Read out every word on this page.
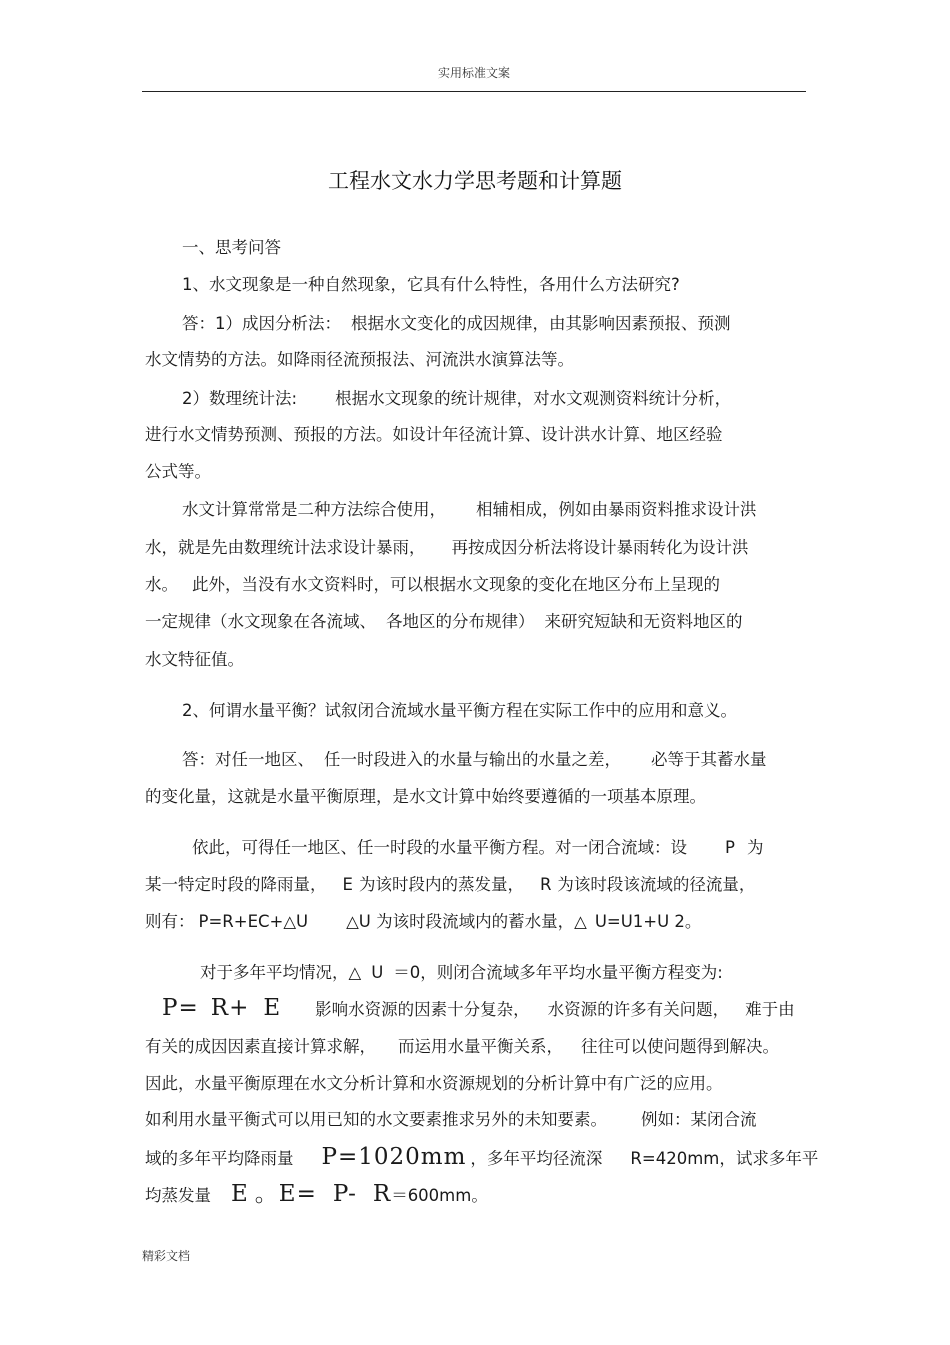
实用标准文案
工程水文水力学思考题和计算题
一、思考问答
1、水文现象是一种自然现象，它具有什么特性，各用什么方法研究?
答：1）成因分析法： 根据水文变化的成因规律，由其影响因素预报、预测
水文情势的方法。如降雨径流预报法、河流洪水演算法等。
2）数理统计法: 根据水文现象的统计规律，对水文观测资料统计分析，
进行水文情势预测、预报的方法。如设计年径流计算、设计洪水计算、地区经验
公式等。
水文计算常常是二种方法综合使用， 相辅相成，例如由暴雨资料推求设计洪
水，就是先由数理统计法求设计暴雨， 再按成因分析法将设计暴雨转化为设计洪
水。 此外，当没有水文资料时，可以根据水文现象的变化在地区分布上呈现的
一定规律（水文现象在各流域、 各地区的分布规律） 来研究短缺和无资料地区的
水文特征值。
2、何谓水量平衡？试叙闭合流域水量平衡方程在实际工作中的应用和意义。
答：对任一地区、 任一时段进入的水量与输出的水量之差， 必等于其蓄水量
的变化量，这就是水量平衡原理，是水文计算中始终要遵循的一项基本原理。
依此，可得任一地区、任一时段的水量平衡方程。对一闭合流域：设 P 为
某一特定时段的降雨量， E 为该时段内的蒸发量， R 为该时段该流域的径流量，
则有： P=R+EC+△U △U 为该时段流域内的蓄水量，△ U=U1+U 2。
对于多年平均情况，△ U ＝0，则闭合流域多年平均水量平衡方程变为:
P= R+ E 影响水资源的因素十分复杂， 水资源的许多有关问题， 难于由
有关的成因因素直接计算求解， 而运用水量平衡关系， 往往可以使问题得到解决。
因此，水量平衡原理在水文分析计算和水资源规划的分析计算中有广泛的应用。
如利用水量平衡式可以用已知的水文要素推求另外的未知要素。 例如：某闭合流
域的多年平均降雨量 P=1020mm ，多年平均径流深 R=420mm，试求多年平
均蒸发量 E 。E= P- R＝600mm。
精彩文档
